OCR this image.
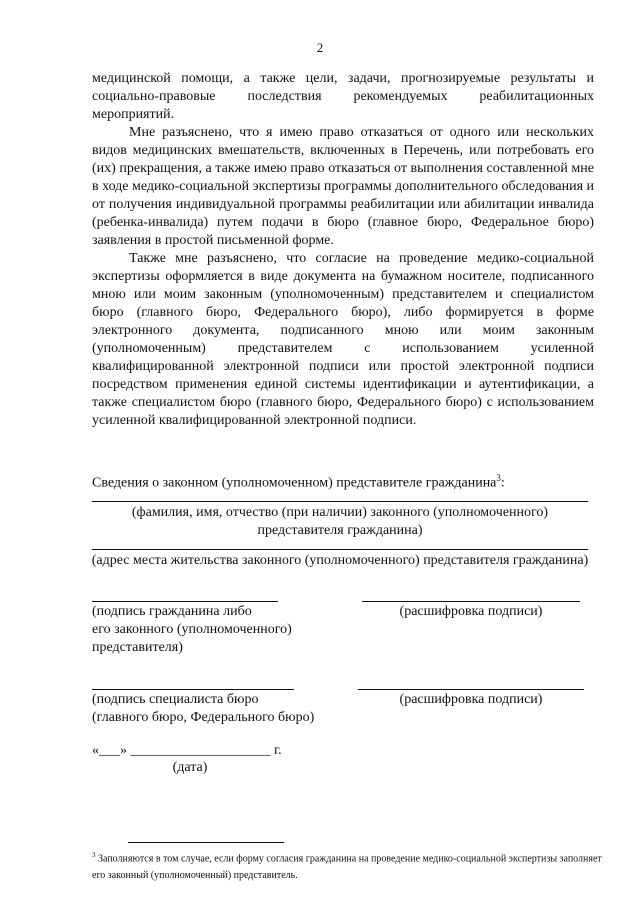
2

медицинской помощи, а также цели, задачи, прогнозируемые результаты и социально-правовые последствия рекомендуемых реабилитационных мероприятий.

Мне разъяснено, что я имею право отказаться от одного или нескольких видов медицинских вмешательств, включенных в Перечень, или потребовать его (их) прекращения, а также имею право отказаться от выполнения составленной мне в ходе медико-социальной экспертизы программы дополнительного обследования и от получения индивидуальной программы реабилитации или абилитации инвалида (ребенка-инвалида) путем подачи в бюро (главное бюро, Федеральное бюро) заявления в простой письменной форме.

Также мне разъяснено, что согласие на проведение медико-социальной экспертизы оформляется в виде документа на бумажном носителе, подписанного мною или моим законным (уполномоченным) представителем и специалистом бюро (главного бюро, Федерального бюро), либо формируется в форме электронного документа, подписанного мною или моим законным (уполномоченным) представителем с использованием усиленной квалифицированной электронной подписи или простой электронной подписи посредством применения единой системы идентификации и аутентификации, а также специалистом бюро (главного бюро, Федерального бюро) с использованием усиленной квалифицированной электронной подписи.

Сведения о законном (уполномоченном) представителе гражданина$^3$:

(фамилия, имя, отчество (при наличии) законного (уполномоченного)
представителя гражданина)

(адрес места жительства законного (уполномоченного) представителя гражданина)

(подпись гражданина либо
его законного (уполномоченного)
представителя)

(расшифровка подписи)

(подпись специалиста бюро
(главного бюро, Федерального бюро)

(расшифровка подписи)

«___» ____________________ г.

(дата)

$^3$ Заполняются в том случае, если форму согласия гражданина на проведение медико-социальной экспертизы заполняет его законный (уполномоченный) представитель.
